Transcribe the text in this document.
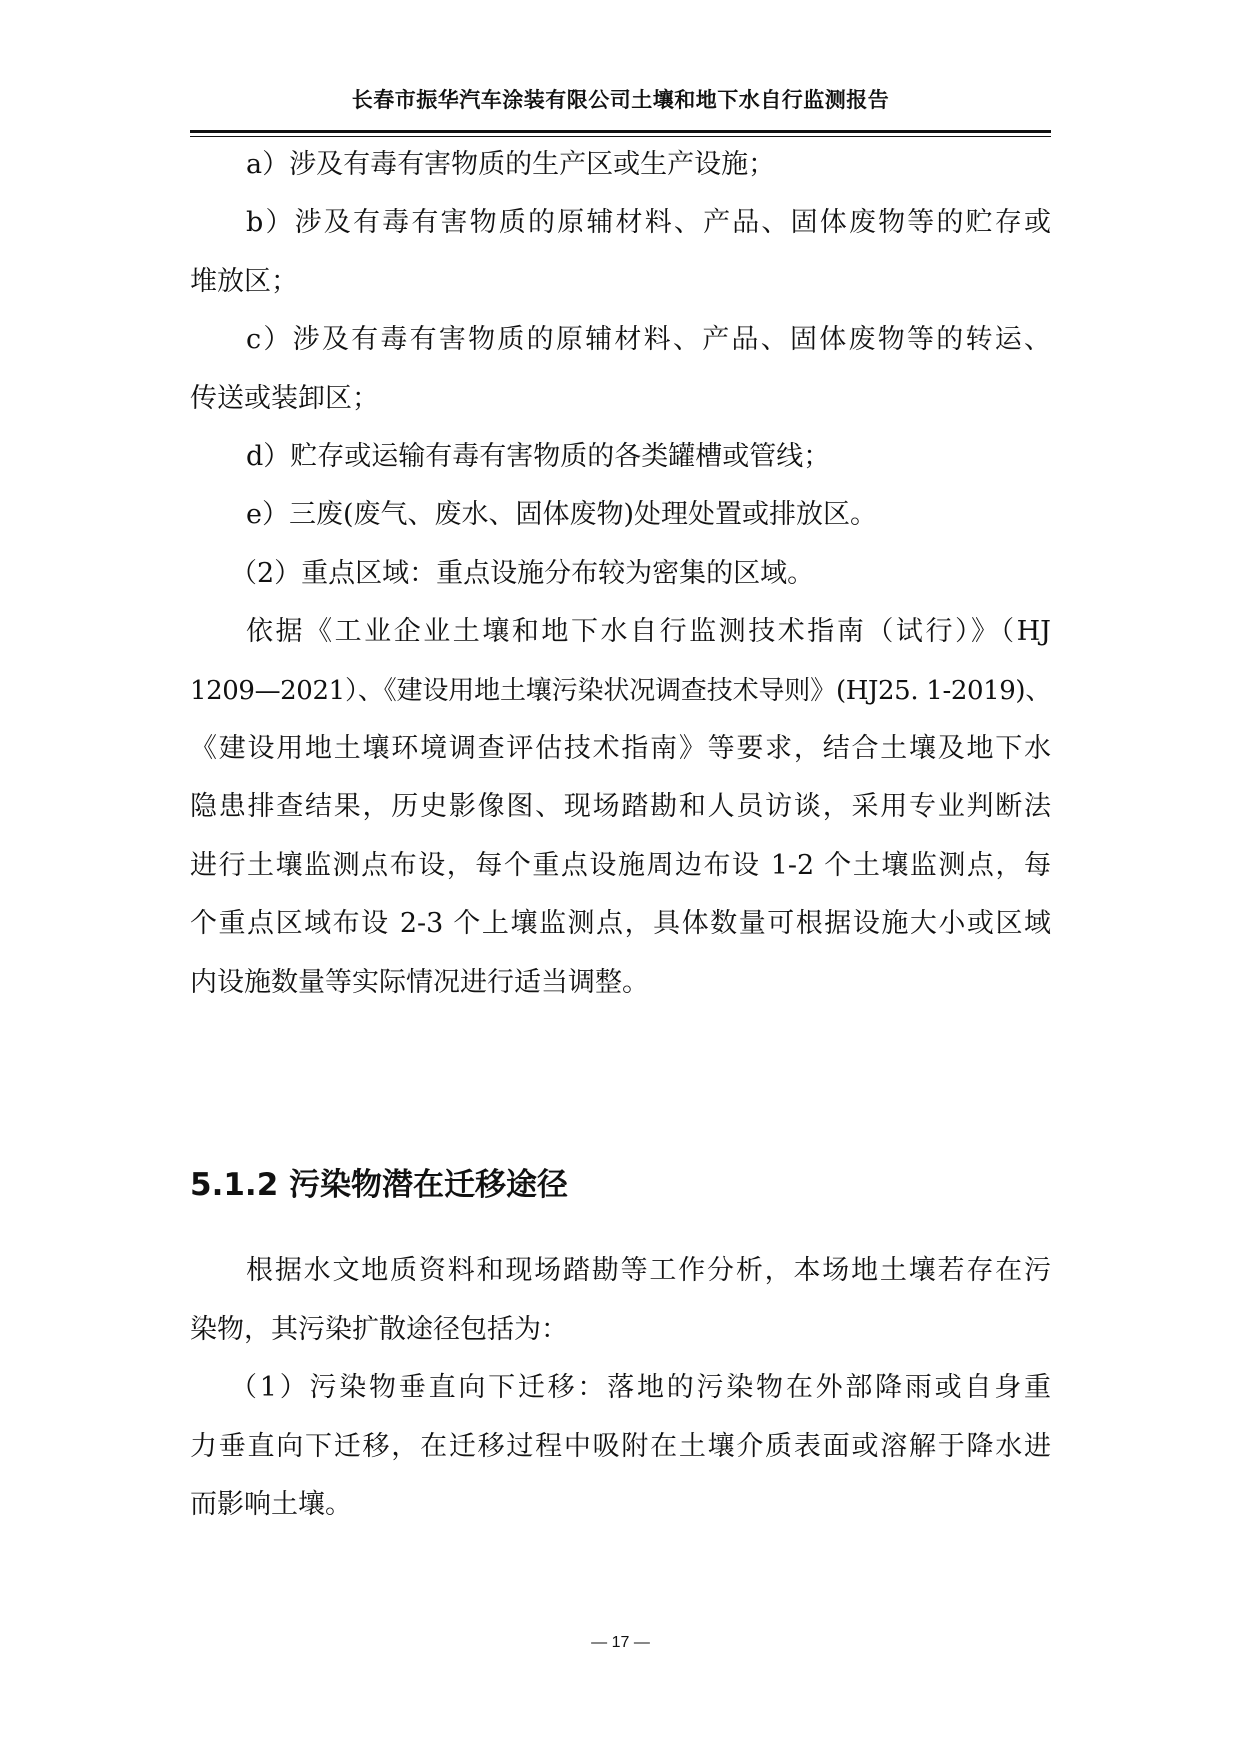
长春市振华汽车涂装有限公司土壤和地下水自行监测报告
a）涉及有毒有害物质的生产区或生产设施；
b）涉及有毒有害物质的原辅材料、产品、固体废物等的贮存或
堆放区；
c）涉及有毒有害物质的原辅材料、产品、固体废物等的转运、
传送或装卸区；
d）贮存或运输有毒有害物质的各类罐槽或管线；
e）三废(废气、废水、固体废物)处理处置或排放区。
（2）重点区域：重点设施分布较为密集的区域。
依据《工业企业土壤和地下水自行监测技术指南（试行）》（HJ
1209—2021）、《建设用地土壤污染状况调查技术导则》(HJ25. 1-2019)、
《建设用地土壤环境调查评估技术指南》等要求，结合土壤及地下水
隐患排查结果，历史影像图、现场踏勘和人员访谈，采用专业判断法
进行土壤监测点布设，每个重点设施周边布设 1-2 个土壤监测点，每
个重点区域布设 2-3 个上壤监测点，具体数量可根据设施大小或区域
内设施数量等实际情况进行适当调整。
5.1.2 污染物潜在迁移途径
根据水文地质资料和现场踏勘等工作分析，本场地土壤若存在污
染物，其污染扩散途径包括为：
（1）污染物垂直向下迁移：落地的污染物在外部降雨或自身重
力垂直向下迁移，在迁移过程中吸附在土壤介质表面或溶解于降水进
而影响土壤。
— 17 —
